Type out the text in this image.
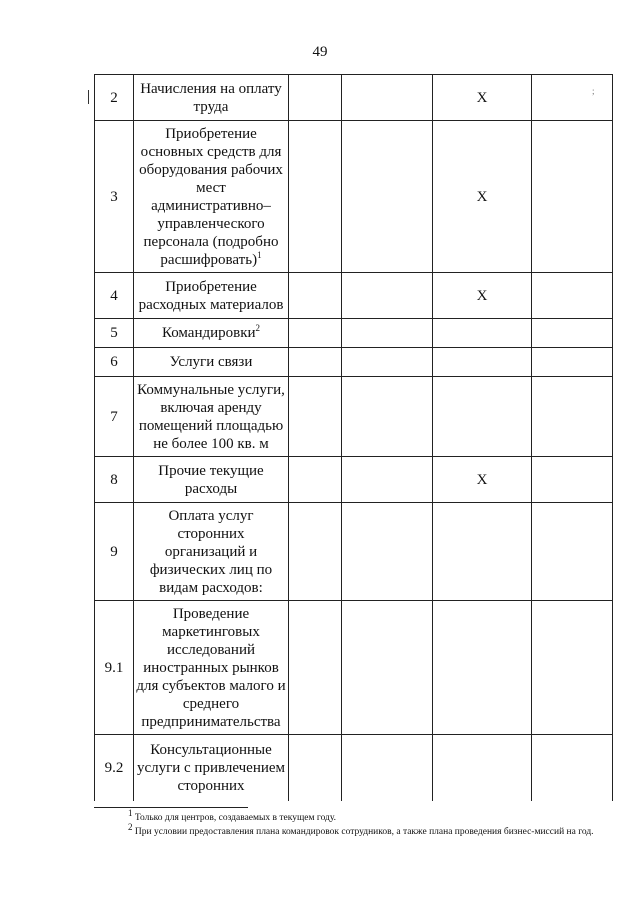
49
;
2	Начисления на оплату труда			X	
3	Приобретение основных средств для оборудования рабочих мест административно–управленческого персонала (подробно расшифровать)$^1$			X	
4	Приобретение расходных материалов			X	
5	Командировки$^2$				
6	Услуги связи				
7	Коммунальные услуги, включая аренду помещений площадью не более 100 кв. м				
8	Прочие текущие расходы			X	
9	Оплата услуг сторонних организаций и физических лиц по видам расходов:				
9.1	Проведение маркетинговых исследований иностранных рынков для субъектов малого и среднего предпринимательства				
9.2	Консультационные услуги с привлечением сторонних				

$^1$ Только для центров, создаваемых в текущем году.

$^2$ При условии предоставления плана командировок сотрудников, а также плана проведения бизнес-миссий на год.
